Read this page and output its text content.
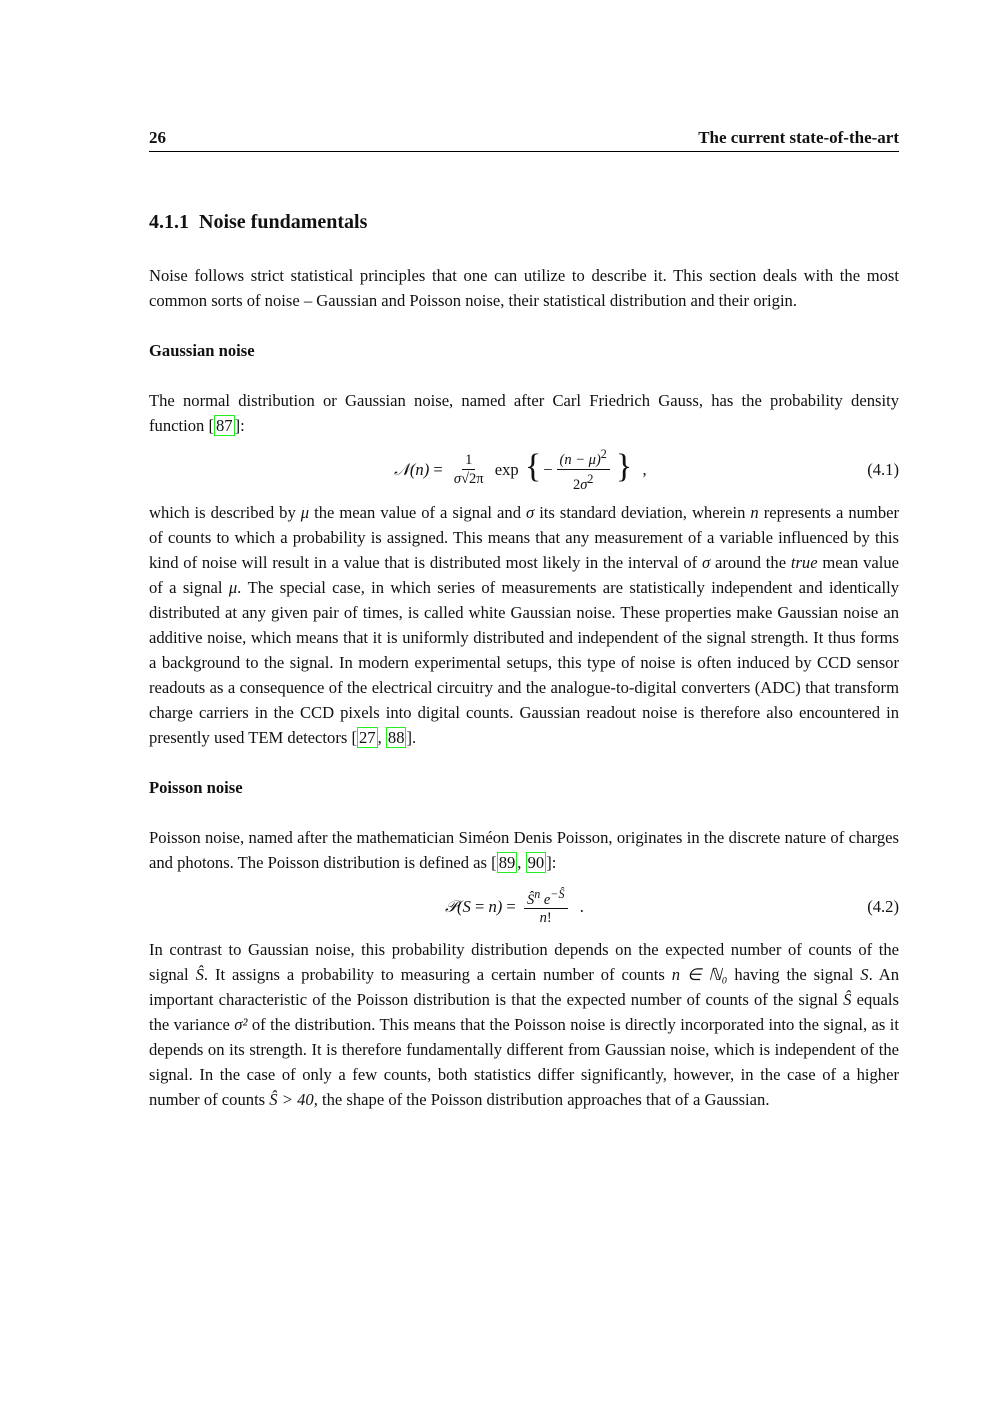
26	The current state-of-the-art
4.1.1 Noise fundamentals

Noise follows strict statistical principles that one can utilize to describe it. This section deals with the most common sorts of noise – Gaussian and Poisson noise, their statistical distribution and their origin.

Gaussian noise

The normal distribution or Gaussian noise, named after Carl Friedrich Gauss, has the probability density function [ 87 ]:

𝒩(n) = $\frac{1}{\sigma√2\pi}$ exp { − $\frac{(n - \mu)^2}{2\sigma^2}$ } ,	(4.1)

which is described by μ the mean value of a signal and σ its standard deviation, wherein n represents a number of counts to which a probability is assigned. This means that any measurement of a variable influenced by this kind of noise will result in a value that is distributed most likely in the interval of σ around the true mean value of a signal μ. The special case, in which series of measurements are statistically independent and identically distributed at any given pair of times, is called white Gaussian noise. These properties make Gaussian noise an additive noise, which means that it is uniformly distributed and independent of the signal strength. It thus forms a background to the signal. In modern experimental setups, this type of noise is often induced by CCD sensor readouts as a consequence of the electrical circuitry and the analogue-to-digital converters (ADC) that transform charge carriers in the CCD pixels into digital counts. Gaussian readout noise is therefore also encountered in presently used TEM detectors [ 27 , 88 ].

Poisson noise

Poisson noise, named after the mathematician Siméon Denis Poisson, originates in the discrete nature of charges and photons. The Poisson distribution is defined as [ 89 , 90 ]:

𝒫(S = $n) = \frac{Ŝ^n e^{-Ŝ}}{n!}$ .	(4.2)

In contrast to Gaussian noise, this probability distribution depends on the expected number of counts of the signal Ŝ. It assigns a probability to measuring a certain number of counts n ∈ ℕ₀ having the signal S. An important characteristic of the Poisson distribution is that the expected number of counts of the signal Ŝ equals the variance σ² of the distribution. This means that the Poisson noise is directly incorporated into the signal, as it depends on its strength. It is therefore fundamentally different from Gaussian noise, which is independent of the signal. In the case of only a few counts, both statistics differ significantly, however, in the case of a higher number of counts Ŝ > 40, the shape of the Poisson distribution approaches that of a Gaussian.
